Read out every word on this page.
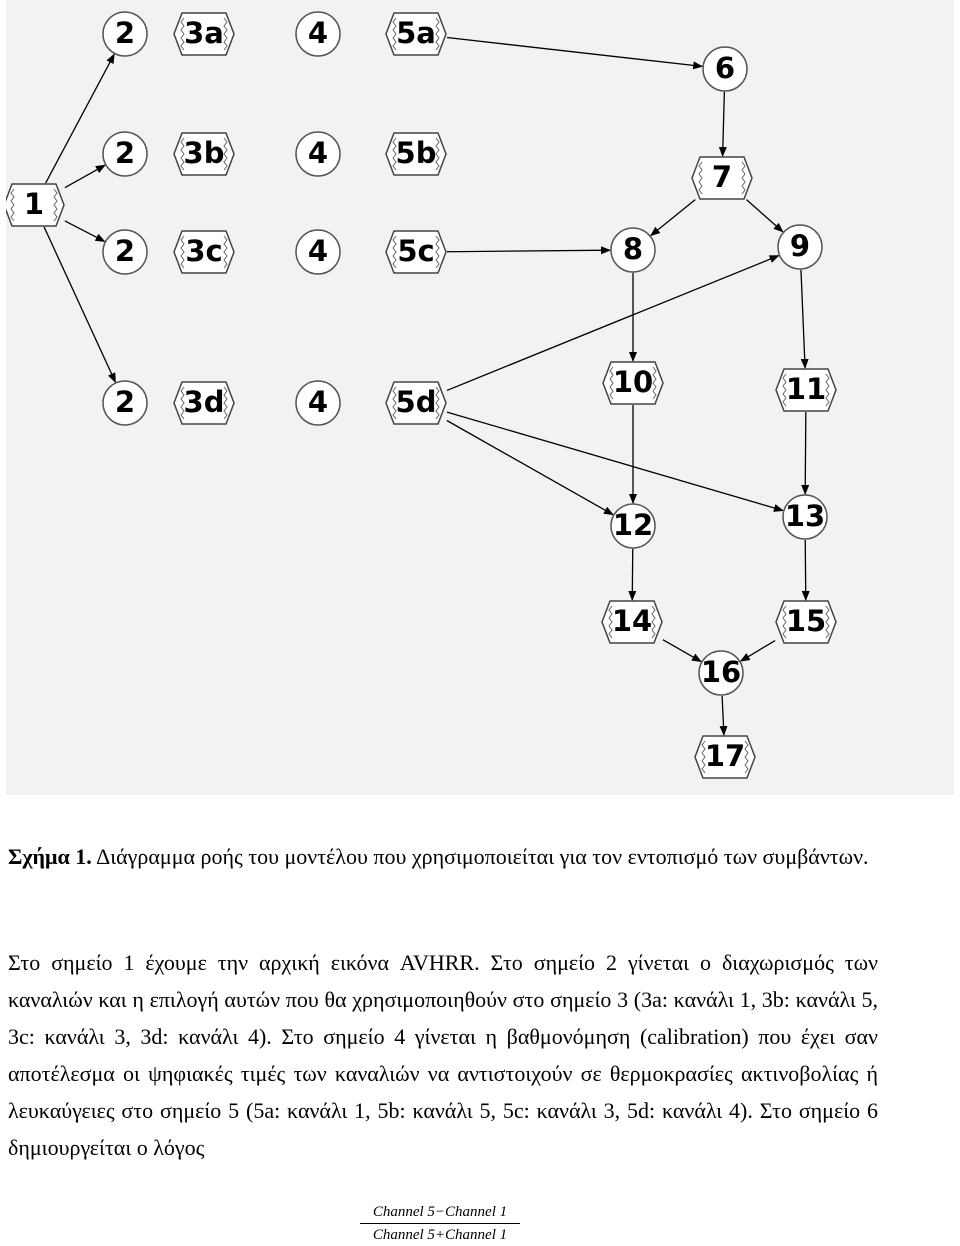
1
2
2
2
2
3a
3b
3c
3d
4
4
4
4
5a
5b
5c
5d
6
7
8	9
10	11
12	13
14	15
16
17
Σχήμα 1. Διάγραμμα ροής του μοντέλου που χρησιμοποιείται για τον εντοπισμό των συμβάντων.
Στο σημείο 1 έχουμε την αρχική εικόνα AVHRR. Στο σημείο 2 γίνεται ο διαχωρισμός των καναλιών και η επιλογή αυτών που θα χρησιμοποιηθούν στο σημείο 3 (3a: κανάλι 1, 3b: κανάλι 5, 3c: κανάλι 3, 3d: κανάλι 4). Στο σημείο 4 γίνεται η βαθμονόμηση (calibration) που έχει σαν αποτέλεσμα οι ψηφιακές τιμές των καναλιών να αντιστοιχούν σε θερμοκρασίες ακτινοβολίας ή λευκαύγειες στο σημείο 5 (5a: κανάλι 1, 5b: κανάλι 5, 5c: κανάλι 3, 5d: κανάλι 4). Στο σημείο 6 δημιουργείται ο λόγος
Channel 5−Channel 1
Channel 5+Channel 1
